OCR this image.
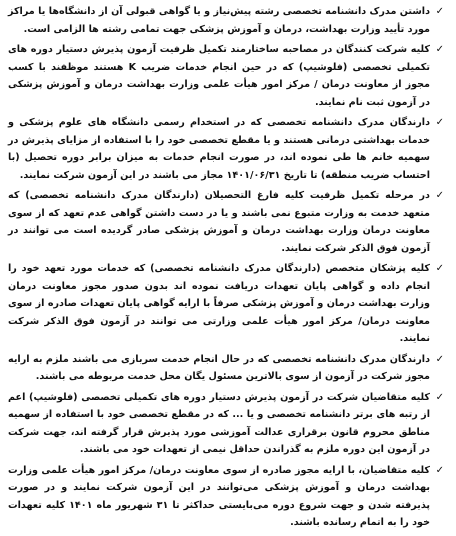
✓
داشتن مدرک دانشنامه تخصصی رشته پیش‌نیاز و یا گواهی قبولی آن از دانشگاه‌ها یا مراکز مورد تأیید وزارت بهداشت، درمان و آموزش پزشکی جهت تمامی رشته ها الزامی است.
✓
کلیه شرکت کنندگان در مصاحبه ساختارمند تکمیل ظرفیت آزمون پذیرش دستیار دوره های تکمیلی تخصصی (فلوشیپ) که در حین انجام خدمات ضریب K هستند موظفند با کسب مجوز از معاونت درمان / مرکز امور هیأت علمی وزارت بهداشت درمان و آموزش پزشکی در آزمون ثبت نام نمایند.
✓
دارندگان مدرک دانشنامه تخصصی که در استخدام رسمی دانشگاه های علوم پزشکی و خدمات بهداشتی درمانی هستند و یا مقطع تخصصی خود را با استفاده از مزایای پذیرش در سهمیه خانم ها طی نموده اند، در صورت انجام خدمات به میزان برابر دوره تحصیل (با احتساب ضریب منطقه) تا تاریخ ۱۴۰۱/۰۶/۳۱ مجاز می باشند در این آزمون شرکت نمایند.
✓
در مرحله تکمیل ظرفیت کلیه فارغ التحصیلان (دارندگان مدرک دانشنامه تخصصی) که متعهد خدمت به وزارت متبوع نمی باشند و یا در دست داشتن گواهی عدم تعهد که از سوی معاونت درمان وزارت بهداشت درمان و آموزش پزشکی صادر گردیده است می توانند در آزمون فوق الذکر شرکت نمایند.
✓
کلیه پزشکان متخصص (دارندگان مدرک دانشنامه تخصصی) که خدمات مورد تعهد خود را انجام داده و گواهی پایان تعهدات دریافت نموده اند بدون صدور مجوز معاونت درمان وزارت بهداشت درمان و آموزش پزشکی صرفاً با ارایه گواهی پایان تعهدات صادره از سوی معاونت درمان/ مرکز امور هیأت علمی وزارتی می توانند در آزمون فوق الذکر شرکت نمایند.
✓
دارندگان مدرک دانشنامه تخصصی که در حال انجام خدمت سربازی می باشند ملزم به ارایه مجوز شرکت در آزمون از سوی بالاترین مسئول یگان محل خدمت مربوطه می باشند.
✓
کلیه متقاضیان شرکت در آزمون پذیرش دستیار دوره های تکمیلی تخصصی (فلوشیپ) اعم از رتبه های برتر دانشنامه تخصصی و یا ... که در مقطع تخصصی خود با استفاده از سهمیه مناطق محروم قانون برقراری عدالت آموزشی مورد پذیرش قرار گرفته اند، جهت شرکت در آزمون این دوره ملزم به گذراندن حداقل نیمی از تعهدات خود می باشند.
✓
کلیه متقاضیان، با ارایه مجوز صادره از سوی معاونت درمان/ مرکز امور هیأت علمی وزارت بهداشت درمان و آموزش پزشکی می‌توانند در این آزمون شرکت نمایند و در صورت پذیرفته شدن و جهت شروع دوره می‌بایستی حداکثر تا ۳۱ شهریور ماه ۱۴۰۱ کلیه تعهدات خود را به اتمام رسانده باشند.
